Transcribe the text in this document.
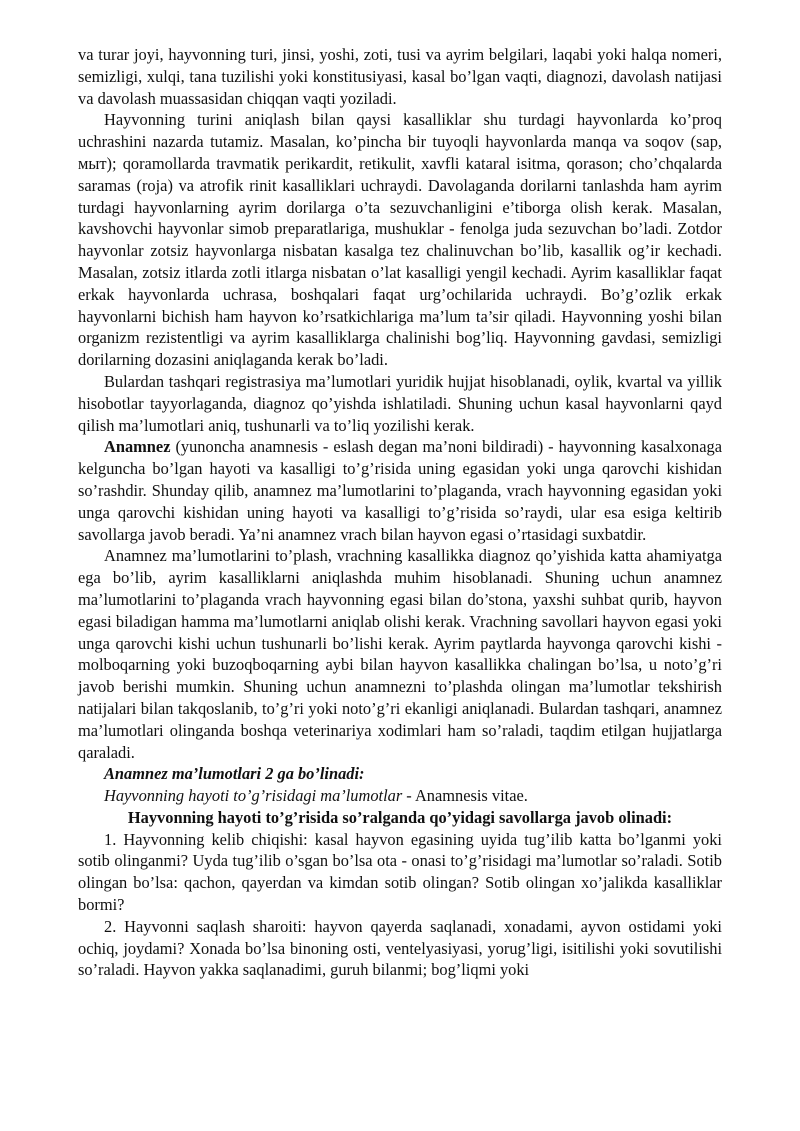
va turar joyi, hayvonning turi, jinsi, yoshi, zoti, tusi va ayrim belgilari, laqabi yoki halqa nomeri, semizligi, xulqi, tana tuzilishi yoki konstitusiyasi, kasal bo’lgan vaqti, diagnozi, davolash natijasi va davolash muassasidan chiqqan vaqti yoziladi.

Hayvonning turini aniqlash bilan qaysi kasalliklar shu turdagi hayvonlarda ko’proq uchrashini nazarda tutamiz. Masalan, ko’pincha bir tuyoqli hayvonlarda manqa va soqov (sap, мыт); qoramollarda travmatik perikardit, retikulit, xavfli kataral isitma, qorason; cho’chqalarda saramas (roja) va atrofik rinit kasalliklari uchraydi. Davolaganda dorilarni tanlashda ham ayrim turdagi hayvonlarning ayrim dorilarga o’ta sezuvchanligini e’tiborga olish kerak. Masalan, kavshovchi hayvonlar simob preparatlariga, mushuklar - fenolga juda sezuvchan bo’ladi. Zotdor hayvonlar zotsiz hayvonlarga nisbatan kasalga tez chalinuvchan bo’lib, kasallik og’ir kechadi. Masalan, zotsiz itlarda zotli itlarga nisbatan o’lat kasalligi yengil kechadi. Ayrim kasalliklar faqat erkak hayvonlarda uchrasa, boshqalari faqat urg’ochilarida uchraydi. Bo’g’ozlik erkak hayvonlarni bichish ham hayvon ko’rsatkichlariga ma’lum ta’sir qiladi. Hayvonning yoshi bilan organizm rezistentligi va ayrim kasalliklarga chalinishi bog’liq. Hayvonning gavdasi, semizligi dorilarning dozasini aniqlaganda kerak bo’ladi.

Bulardan tashqari registrasiya ma’lumotlari yuridik hujjat hisoblanadi, oylik, kvartal va yillik hisobotlar tayyorlaganda, diagnoz qo’yishda ishlatiladi. Shuning uchun kasal hayvonlarni qayd qilish ma’lumotlari aniq, tushunarli va to’liq yozilishi kerak.

Anamnez (yunoncha anamnesis - eslash degan ma’noni bildiradi) - hayvonning kasalxonaga kelguncha bo’lgan hayoti va kasalligi to’g’risida uning egasidan yoki unga qarovchi kishidan so’rashdir. Shunday qilib, anamnez ma’lumotlarini to’plaganda, vrach hayvonning egasidan yoki unga qarovchi kishidan uning hayoti va kasalligi to’g’risida so’raydi, ular esa esiga keltirib savollarga javob beradi. Ya’ni anamnez vrach bilan hayvon egasi o’rtasidagi suxbatdir.

Anamnez ma’lumotlarini to’plash, vrachning kasallikka diagnoz qo’yishida katta ahamiyatga ega bo’lib, ayrim kasalliklarni aniqlashda muhim hisoblanadi. Shuning uchun anamnez ma’lumotlarini to’plaganda vrach hayvonning egasi bilan do’stona, yaxshi suhbat qurib, hayvon egasi biladigan hamma ma’lumotlarni aniqlab olishi kerak. Vrachning savollari hayvon egasi yoki unga qarovchi kishi uchun tushunarli bo’lishi kerak. Ayrim paytlarda hayvonga qarovchi kishi - molboqarning yoki buzoqboqarning aybi bilan hayvon kasallikka chalingan bo’lsa, u noto’g’ri javob berishi mumkin. Shuning uchun anamnezni to’plashda olingan ma’lumotlar tekshirish natijalari bilan takqoslanib, to’g’ri yoki noto’g’ri ekanligi aniqlanadi. Bulardan tashqari, anamnez ma’lumotlari olinganda boshqa veterinariya xodimlari ham so’raladi, taqdim etilgan hujjatlarga qaraladi.

Anamnez ma’lumotlari 2 ga bo’linadi:

Hayvonning hayoti to’g’risidagi ma’lumotlar - Anamnesis vitae.

Hayvonning hayoti to’g’risida so’ralganda qo’yidagi savollarga javob olinadi:

1. Hayvonning kelib chiqishi: kasal hayvon egasining uyida tug’ilib katta bo’lganmi yoki sotib olinganmi? Uyda tug’ilib o’sgan bo’lsa ota - onasi to’g’risidagi ma’lumotlar so’raladi. Sotib olingan bo’lsa: qachon, qayerdan va kimdan sotib olingan? Sotib olingan xo’jalikda kasalliklar bormi?

2. Hayvonni saqlash sharoiti: hayvon qayerda saqlanadi, xonadami, ayvon ostidami yoki ochiq, joydami? Xonada bo’lsa binoning osti, ventelyasiyasi, yorug’ligi, isitilishi yoki sovutilishi so’raladi. Hayvon yakka saqlanadimi, guruh bilanmi; bog’liqmi yoki
